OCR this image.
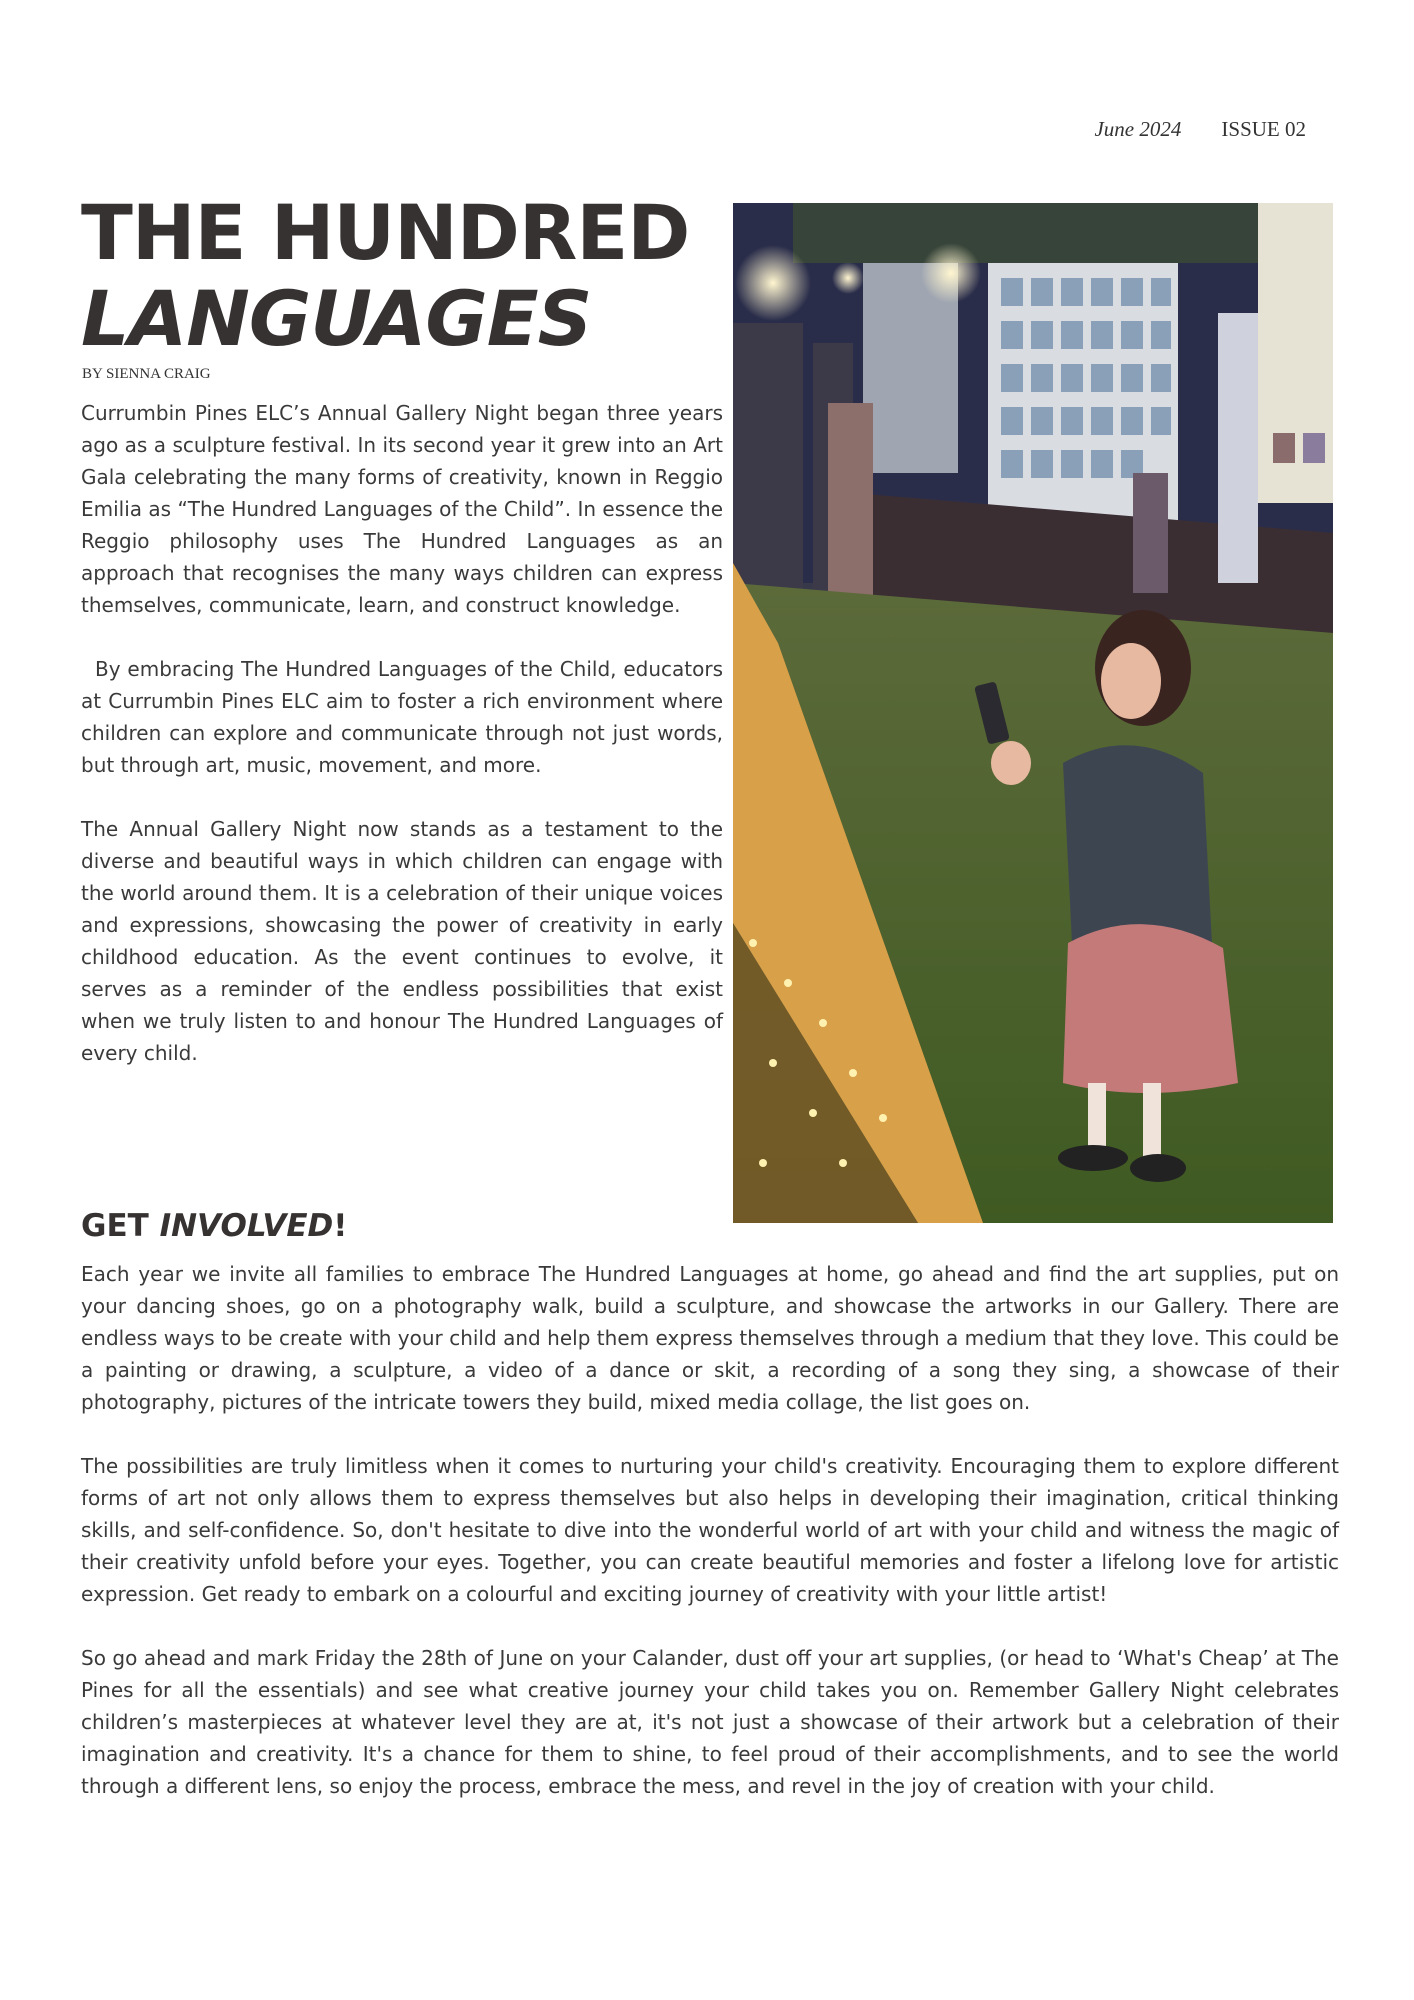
June 2024 ISSUE 02
THE HUNDRED
LANGUAGES
BY SIENNA CRAIG

Currumbin Pines ELC’s Annual Gallery Night began three years ago as a sculpture festival. In its second year it grew into an Art Gala celebrating the many forms of creativity, known in Reggio Emilia as “The Hundred Languages of the Child”. In essence the Reggio philosophy uses The Hundred Languages as an approach that recognises the many ways children can express themselves, communicate, learn, and construct knowledge.

By embracing The Hundred Languages of the Child, educators at Currumbin Pines ELC aim to foster a rich environment where children can explore and communicate through not just words, but through art, music, movement, and more.

The Annual Gallery Night now stands as a testament to the diverse and beautiful ways in which children can engage with the world around them. It is a celebration of their unique voices and expressions, showcasing the power of creativity in early childhood education. As the event continues to evolve, it serves as a reminder of the endless possibilities that exist when we truly listen to and honour The Hundred Languages of every child.

GET INVOLVED!

Each year we invite all families to embrace The Hundred Languages at home, go ahead and find the art supplies, put on your dancing shoes, go on a photography walk, build a sculpture, and showcase the artworks in our Gallery. There are endless ways to be create with your child and help them express themselves through a medium that they love. This could be a painting or drawing, a sculpture, a video of a dance or skit, a recording of a song they sing, a showcase of their photography, pictures of the intricate towers they build, mixed media collage, the list goes on.

The possibilities are truly limitless when it comes to nurturing your child's creativity. Encouraging them to explore different forms of art not only allows them to express themselves but also helps in developing their imagination, critical thinking skills, and self-confidence. So, don't hesitate to dive into the wonderful world of art with your child and witness the magic of their creativity unfold before your eyes. Together, you can create beautiful memories and foster a lifelong love for artistic expression. Get ready to embark on a colourful and exciting journey of creativity with your little artist!

So go ahead and mark Friday the 28th of June on your Calander, dust off your art supplies, (or head to ‘What's Cheap’ at The Pines for all the essentials) and see what creative journey your child takes you on. Remember Gallery Night celebrates children’s masterpieces at whatever level they are at, it's not just a showcase of their artwork but a celebration of their imagination and creativity. It's a chance for them to shine, to feel proud of their accomplishments, and to see the world through a different lens, so enjoy the process, embrace the mess, and revel in the joy of creation with your child.
